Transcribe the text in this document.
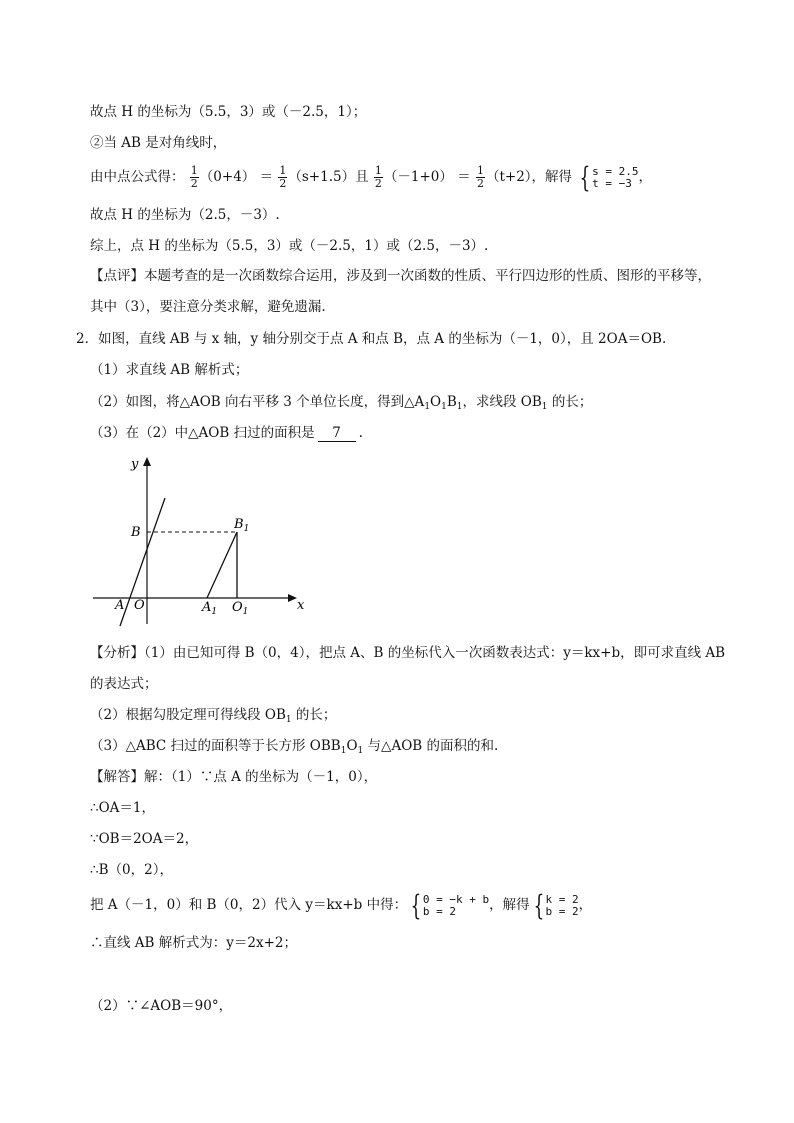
故点 H 的坐标为（5.5，3）或（－2.5，1）；
②当 AB 是对角线时，
由中点公式得： $\frac{1}{2} (0+4) = \frac{1}{2} (s+1.5)$且 $\frac{1}{2} (-1+0) = \frac{1}{2} (t+2)$，解得 { s = 2.5
t = −3 ，
故点 H 的坐标为（2.5，－3）.
综上，点 H 的坐标为（5.5，3）或（－2.5，1）或（2.5，－3）.
【点评】本题考查的是一次函数综合运用，涉及到一次函数的性质、平行四边形的性质、图形的平移等，
其中（3），要注意分类求解，避免遗漏.
2．如图，直线 AB 与 x 轴，y 轴分别交于点 A 和点 B，点 A 的坐标为（－1，0），且 2OA＝OB.
（1）求直线 AB 解析式；
（2）如图，将△AOB 向右平移 3 个单位长度，得到$\triangle A_1O_1B_1$，求线段 $OB_1$ 的长；
（3）在（2）中△AOB 扫过的面积是 7 .
y
B
$B_1$
A O	$A_1$ $O_1$	x
【分析】（1）由已知可得 B（0，4），把点 A、B 的坐标代入一次函数表达式：y＝kx+b，即可求直线 AB
的表达式；
（2）根据勾股定理可得线段 $OB_1$ 的长；
（3）△ABC 扫过的面积等于长方形 $OBB_1O_1$ 与△AOB 的面积的和.
【解答】解：（1）∵点 A 的坐标为（－1，0），
∴OA＝1，
∵OB＝2OA＝2，
∴B（0，2），
把 A（－1，0）和 B（0，2）代入 y＝kx+b 中得： { 0 = −k + b
b = 2	，解得 { k = 2
b = 2 ，
∴直线 AB 解析式为：y＝2x+2；
（2）∵∠AOB＝90°，
